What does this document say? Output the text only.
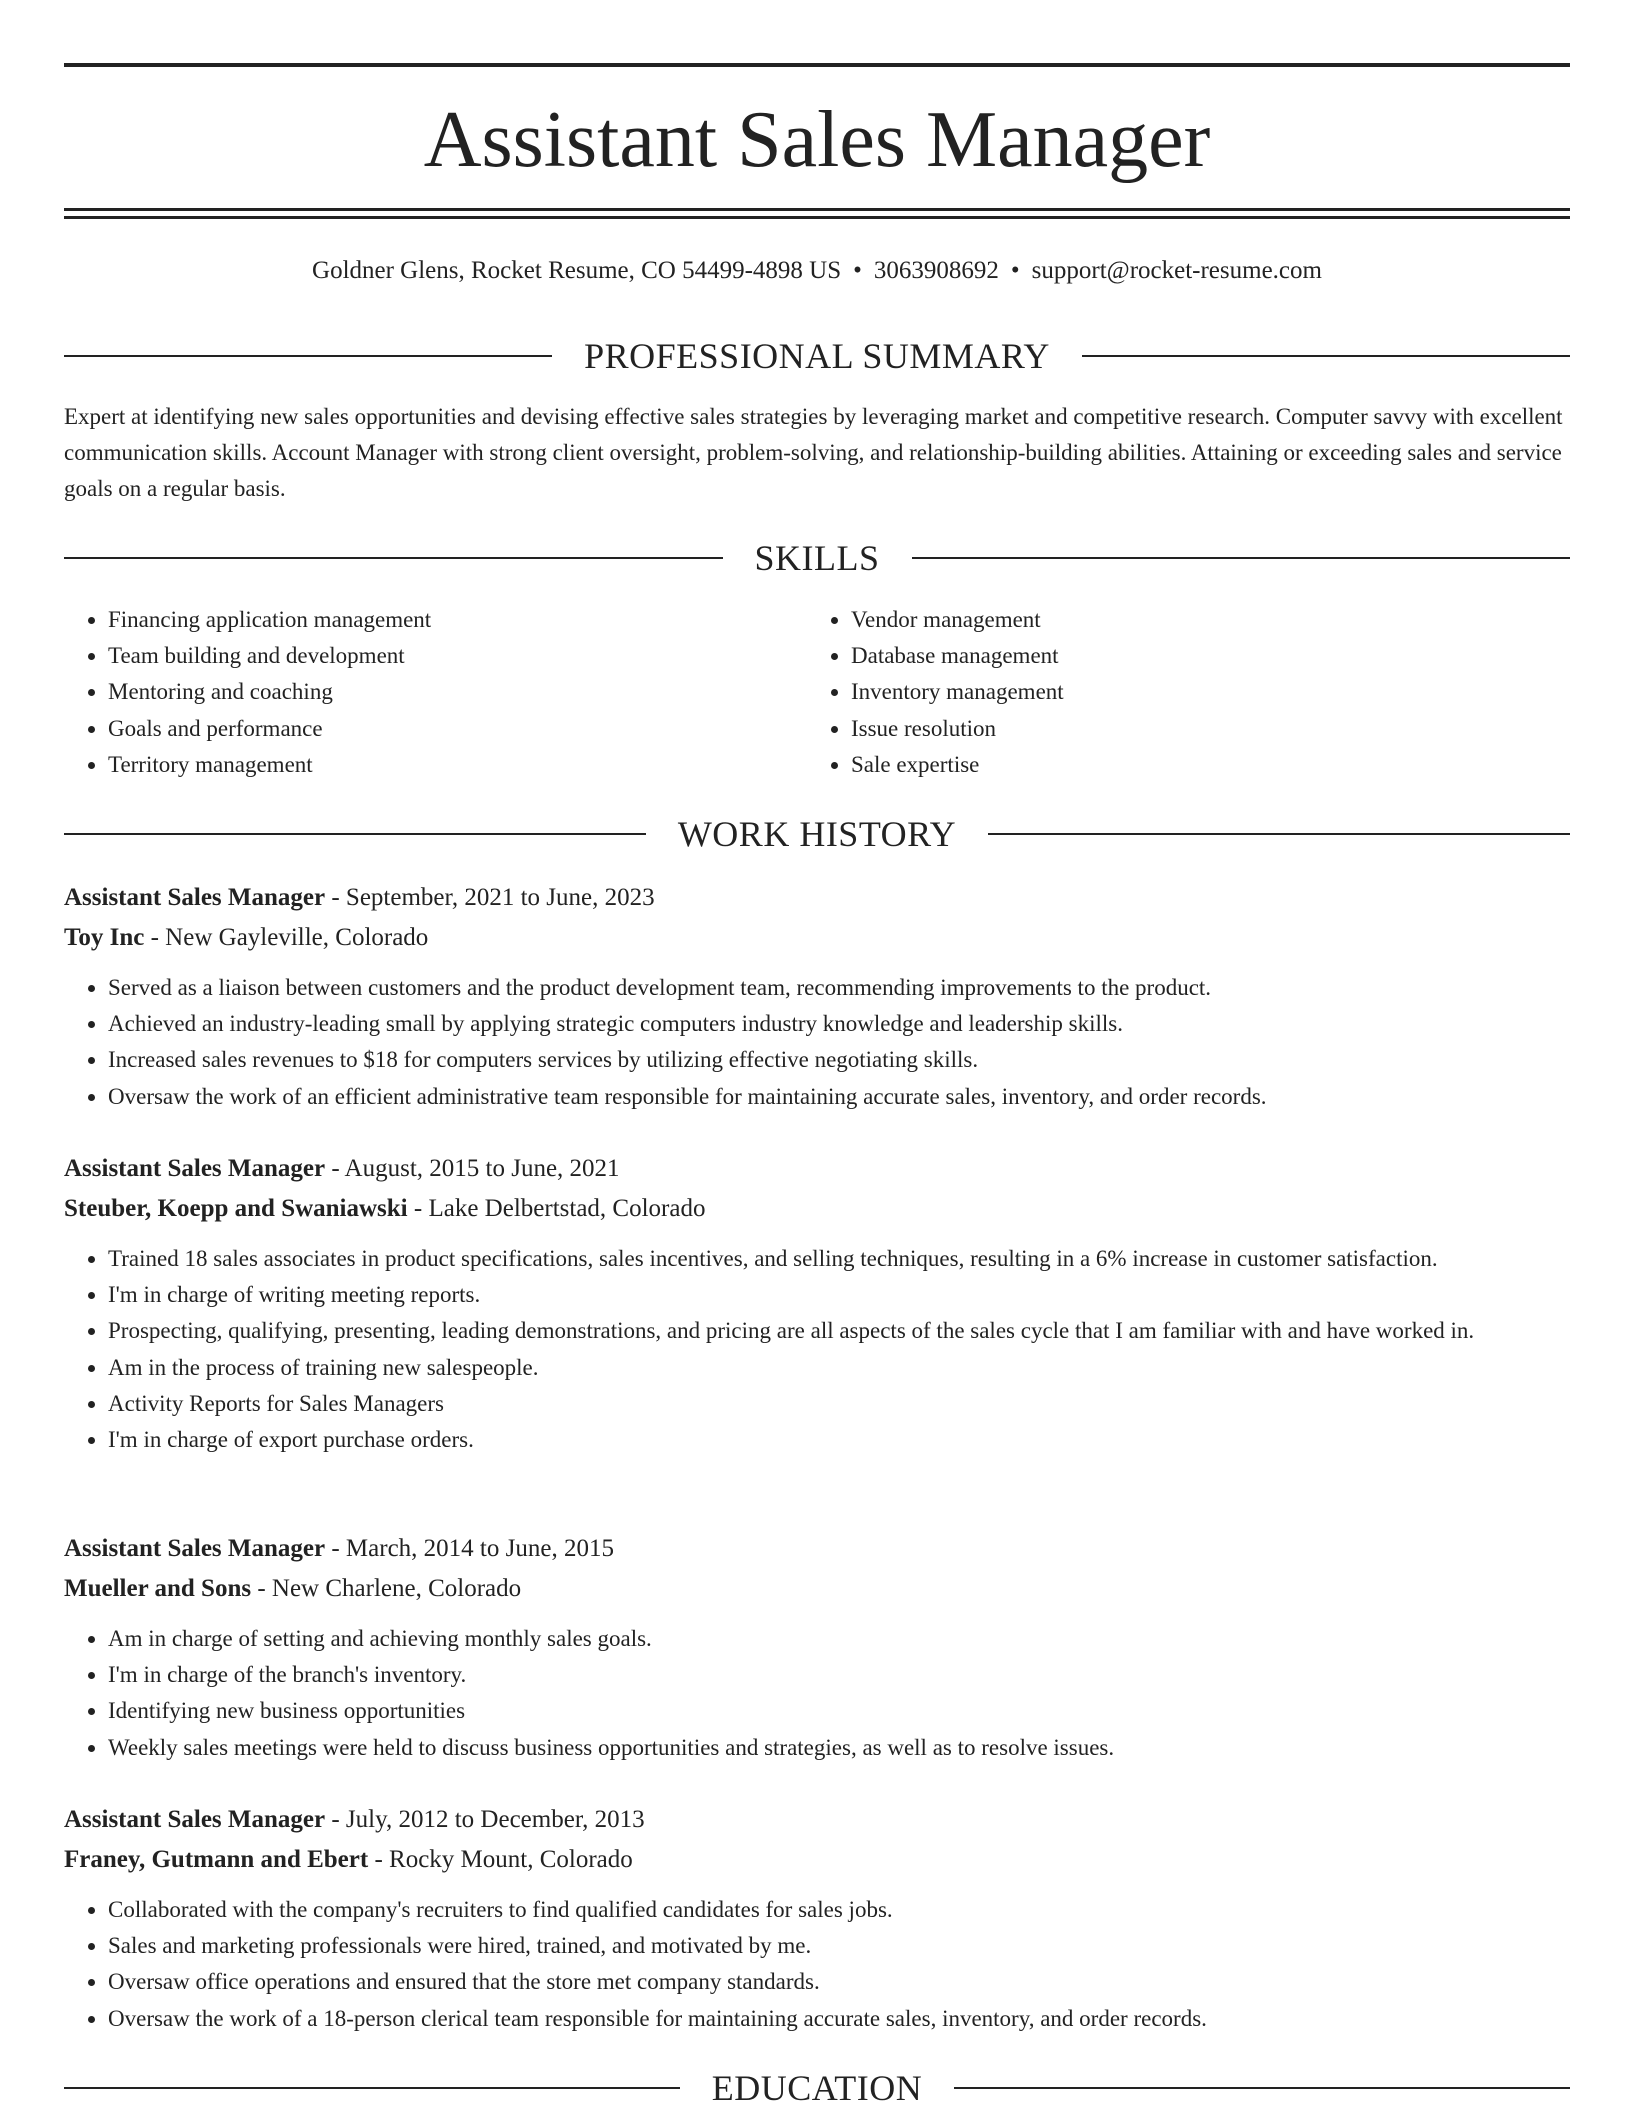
Assistant Sales Manager
Goldner Glens, Rocket Resume, CO 54499-4898 US • 3063908692 • support@rocket-resume.com
PROFESSIONAL SUMMARY
Expert at identifying new sales opportunities and devising effective sales strategies by leveraging market and competitive research. Computer savvy with excellent communication skills. Account Manager with strong client oversight, problem-solving, and relationship-building abilities. Attaining or exceeding sales and service goals on a regular basis.
SKILLS
• Financing application management
• Team building and development
• Mentoring and coaching
• Goals and performance
• Territory management
• Vendor management
• Database management
• Inventory management
• Issue resolution
• Sale expertise
WORK HISTORY
Assistant Sales Manager - September, 2021 to June, 2023
Toy Inc - New Gayleville, Colorado
• Served as a liaison between customers and the product development team, recommending improvements to the product.
• Achieved an industry-leading small by applying strategic computers industry knowledge and leadership skills.
• Increased sales revenues to $18 for computers services by utilizing effective negotiating skills.
• Oversaw the work of an efficient administrative team responsible for maintaining accurate sales, inventory, and order records.
Assistant Sales Manager - August, 2015 to June, 2021
Steuber, Koepp and Swaniawski - Lake Delbertstad, Colorado
• Trained 18 sales associates in product specifications, sales incentives, and selling techniques, resulting in a 6% increase in customer satisfaction.
• I'm in charge of writing meeting reports.
• Prospecting, qualifying, presenting, leading demonstrations, and pricing are all aspects of the sales cycle that I am familiar with and have worked in.
• Am in the process of training new salespeople.
• Activity Reports for Sales Managers
• I'm in charge of export purchase orders.
Assistant Sales Manager - March, 2014 to June, 2015
Mueller and Sons - New Charlene, Colorado
• Am in charge of setting and achieving monthly sales goals.
• I'm in charge of the branch's inventory.
• Identifying new business opportunities
• Weekly sales meetings were held to discuss business opportunities and strategies, as well as to resolve issues.
Assistant Sales Manager - July, 2012 to December, 2013
Franey, Gutmann and Ebert - Rocky Mount, Colorado
• Collaborated with the company's recruiters to find qualified candidates for sales jobs.
• Sales and marketing professionals were hired, trained, and motivated by me.
• Oversaw office operations and ensured that the store met company standards.
• Oversaw the work of a 18-person clerical team responsible for maintaining accurate sales, inventory, and order records.
EDUCATION
